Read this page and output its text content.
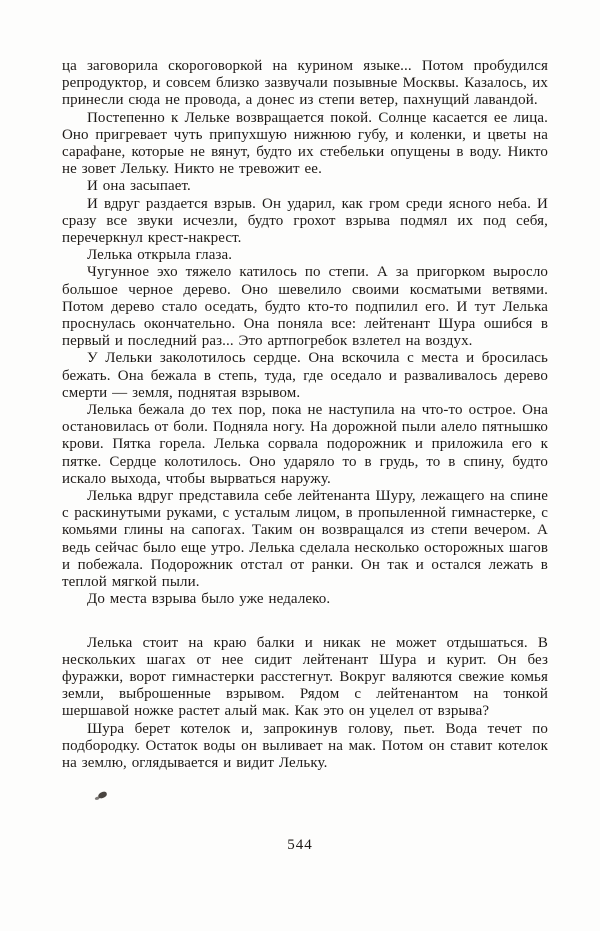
ца заговорила скороговоркой на курином языке... Потом пробудился репродуктор, и совсем близко зазвучали позывные Москвы. Казалось, их принесли сюда не провода, а донес из степи ветер, пахнущий лавандой.

Постепенно к Лельке возвращается покой. Солнце касается ее лица. Оно пригревает чуть припухшую нижнюю губу, и коленки, и цветы на сарафане, которые не вянут, будто их стебельки опущены в воду. Никто не зовет Лельку. Никто не тревожит ее.

И она засыпает.

И вдруг раздается взрыв. Он ударил, как гром среди ясного неба. И сразу все звуки исчезли, будто грохот взрыва подмял их под себя, перечеркнул крест-накрест.

Лелька открыла глаза.

Чугунное эхо тяжело катилось по степи. А за пригорком выросло большое черное дерево. Оно шевелило своими косматыми ветвями. Потом дерево стало оседать, будто кто-то подпилил его. И тут Лелька проснулась окончательно. Она поняла все: лейтенант Шура ошибся в первый и последний раз... Это артпогребок взлетел на воздух.

У Лельки заколотилось сердце. Она вскочила с места и бросилась бежать. Она бежала в степь, туда, где оседало и разваливалось дерево смерти — земля, поднятая взрывом.

Лелька бежала до тех пор, пока не наступила на что-то острое. Она остановилась от боли. Подняла ногу. На дорожной пыли алело пятнышко крови. Пятка горела. Лелька сорвала подорожник и приложила его к пятке. Сердце колотилось. Оно ударяло то в грудь, то в спину, будто искало выхода, чтобы вырваться наружу.

Лелька вдруг представила себе лейтенанта Шуру, лежащего на спине с раскинутыми руками, с усталым лицом, в пропыленной гимнастерке, с комьями глины на сапогах. Таким он возвращался из степи вечером. А ведь сейчас было еще утро. Лелька сделала несколько осторожных шагов и побежала. Подорожник отстал от ранки. Он так и остался лежать в теплой мягкой пыли.

До места взрыва было уже недалеко.

Лелька стоит на краю балки и никак не может отдышаться. В нескольких шагах от нее сидит лейтенант Шура и курит. Он без фуражки, ворот гимнастерки расстегнут. Вокруг валяются свежие комья земли, выброшенные взрывом. Рядом с лейтенантом на тонкой шершавой ножке растет алый мак. Как это он уцелел от взрыва?

Шура берет котелок и, запрокинув голову, пьет. Вода течет по подбородку. Остаток воды он выливает на мак. Потом он ставит котелок на землю, оглядывается и видит Лельку.

544
